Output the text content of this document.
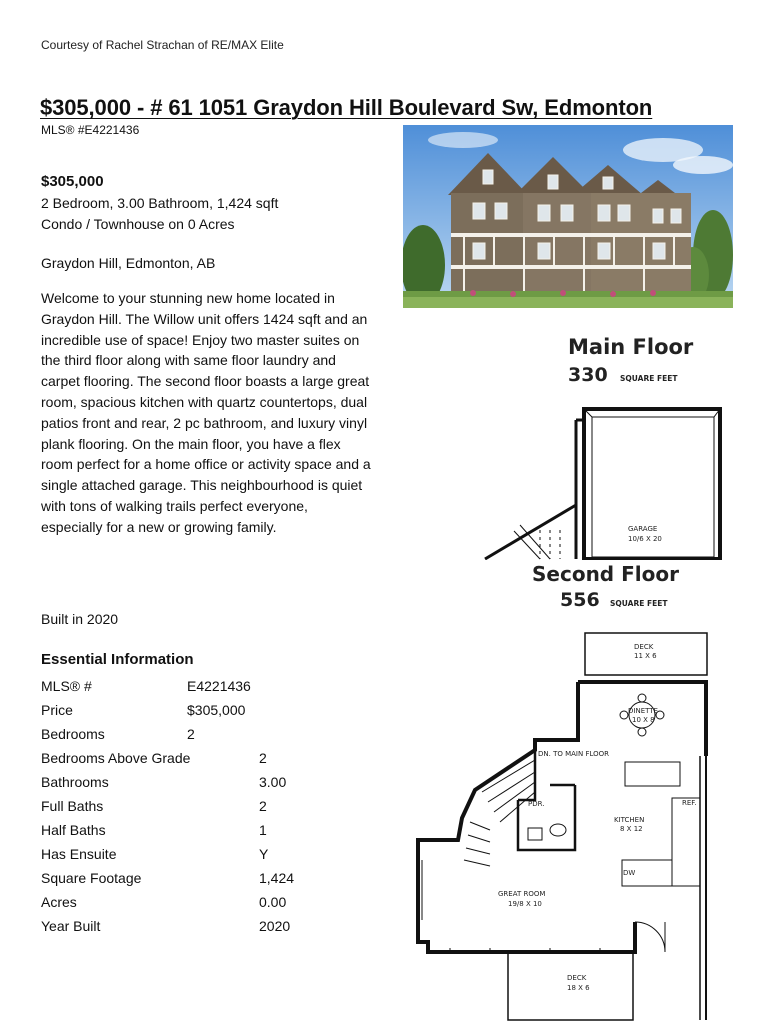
Courtesy of Rachel Strachan of RE/MAX Elite
$305,000 - # 61 1051 Graydon Hill Boulevard Sw, Edmonton
MLS® #E4221436
$305,000
2 Bedroom, 3.00 Bathroom, 1,424 sqft
Condo / Townhouse on 0 Acres
Graydon Hill, Edmonton, AB
Welcome to your stunning new home located in Graydon Hill. The Willow unit offers 1424 sqft and an incredible use of space! Enjoy two master suites on the third floor along with same floor laundry and carpet flooring. The second floor boasts a large great room, spacious kitchen with quartz countertops, dual patios front and rear, 2 pc bathroom, and luxury vinyl plank flooring. On the main floor, you have a flex room perfect for a home office or activity space and a single attached garage. This neighbourhood is quiet with tons of walking trails perfect everyone, especially for a new or growing family.
Built in 2020
Essential Information
MLS® #	E4221436
Price	$305,000
Bedrooms	2
Bedrooms Above Grade	2
Bathrooms	3.00
Full Baths	2
Half Baths	1
Has Ensuite	Y
Square Footage	1,424
Acres	0.00
Year Built	2020
Main Floor
330 SQUARE FEET
GARAGE
10/6 X 20
Second Floor
556 SQUARE FEET
DECK
11 X 6
DINETTE
10 X 8
PDR.
KITCHEN
8 X 12
GREAT ROOM
19/8 X 10
DECK
18 X 6
DN. TO MAIN FLOOR
REF.
DW
